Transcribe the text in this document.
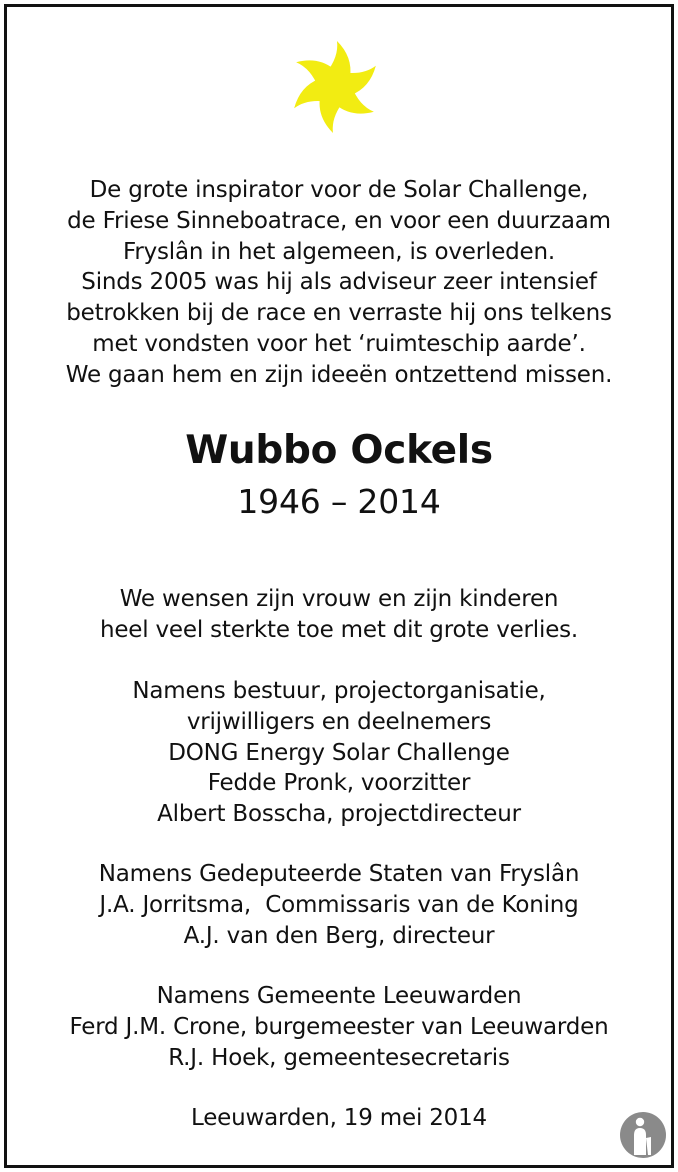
De grote inspirator voor de Solar Challenge,
de Friese Sinneboatrace, en voor een duurzaam
Fryslân in het algemeen, is overleden.
Sinds 2005 was hij als adviseur zeer intensief
betrokken bij de race en verraste hij ons telkens
met vondsten voor het ‘ruimteschip aarde’.
We gaan hem en zijn ideeën ontzettend missen.
Wubbo Ockels
1946 – 2014
We wensen zijn vrouw en zijn kinderen
heel veel sterkte toe met dit grote verlies.
Namens bestuur, projectorganisatie,
vrijwilligers en deelnemers
DONG Energy Solar Challenge
Fedde Pronk, voorzitter
Albert Bosscha, projectdirecteur
Namens Gedeputeerde Staten van Fryslân
J.A. Jorritsma,  Commissaris van de Koning
A.J. van den Berg, directeur
Namens Gemeente Leeuwarden
Ferd J.M. Crone, burgemeester van Leeuwarden
R.J. Hoek, gemeentesecretaris
Leeuwarden, 19 mei 2014
